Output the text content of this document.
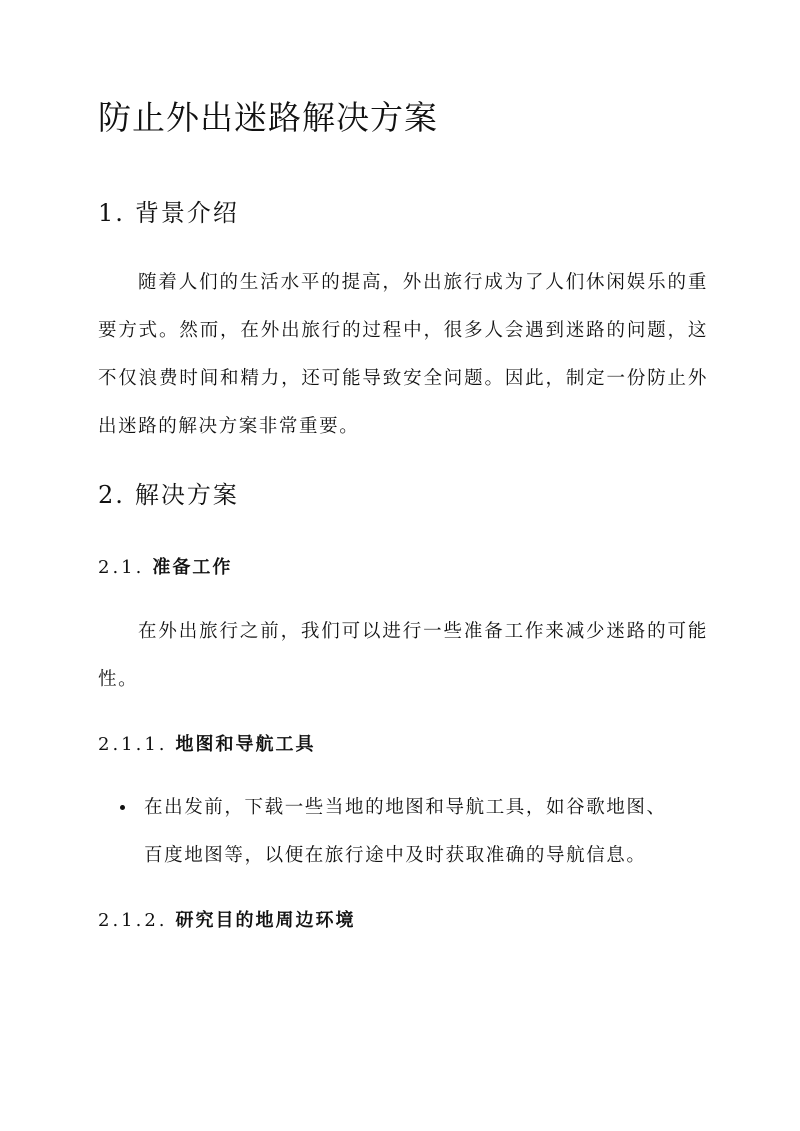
防止外出迷路解决方案
1. 背景介绍

随着人们的生活水平的提高，外出旅行成为了人们休闲娱乐的重要方式。然而，在外出旅行的过程中，很多人会遇到迷路的问题，这不仅浪费时间和精力，还可能导致安全问题。因此，制定一份防止外出迷路的解决方案非常重要。

2. 解决方案
2.1. 准备工作

在外出旅行之前，我们可以进行一些准备工作来减少迷路的可能性。

2.1.1. 地图和导航工具
在出发前，下载一些当地的地图和导航工具，如谷歌地图、百度地图等，以便在旅行途中及时获取准确的导航信息。
2.1.2. 研究目的地周边环境
